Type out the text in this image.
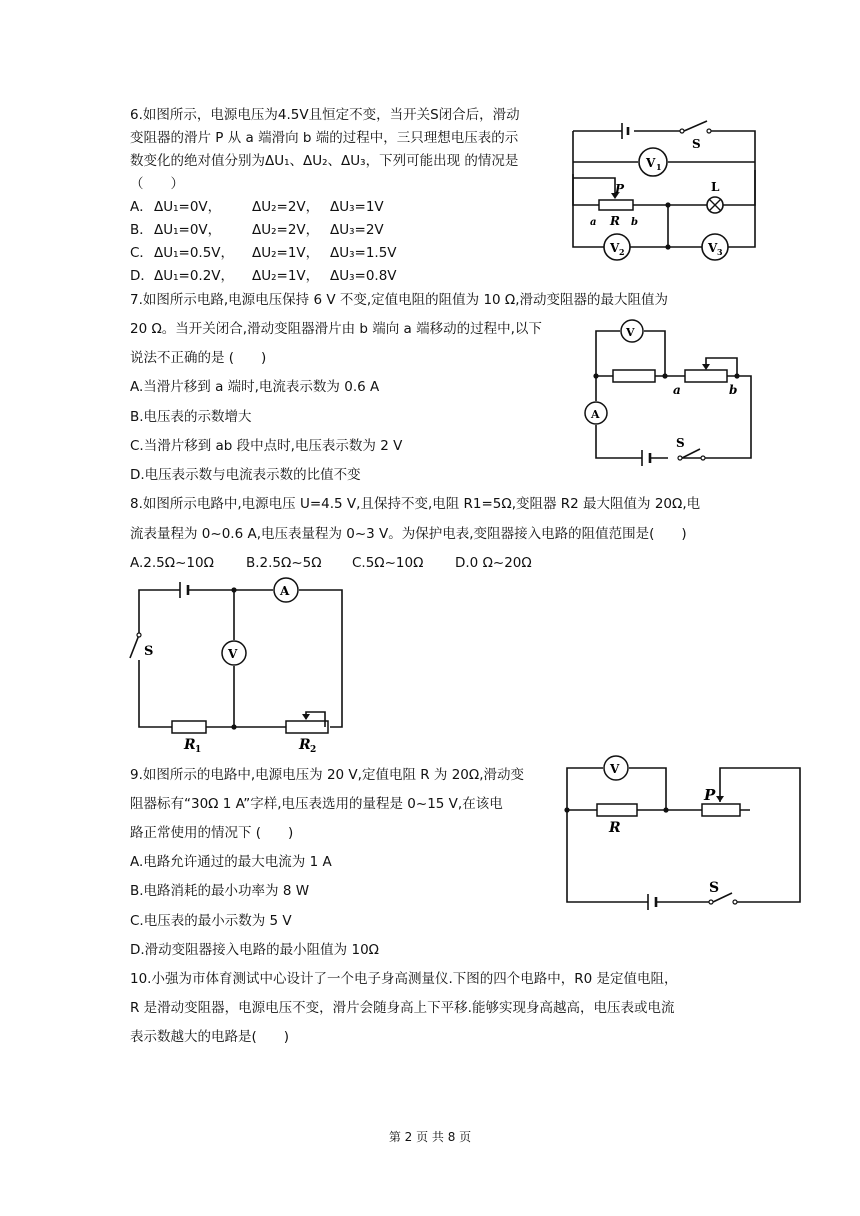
6.如图所示，电源电压为4.5V且恒定不变，当开关S闭合后，滑动
变阻器的滑片 P 从 a 端滑向 b 端的过程中，三只理想电压表的示
数变化的绝对值分别为ΔU₁、ΔU₂、ΔU₃，下列可能出现 的情况是
（　　）
A．ΔU₁=0V， ΔU₂=2V， ΔU₃=1V
B．ΔU₁=0V， ΔU₂=2V， ΔU₃=2V
C．ΔU₁=0.5V， ΔU₂=1V， ΔU₃=1.5V
D．ΔU₁=0.2V， ΔU₂=1V， ΔU₃=0.8V
S
V 1
P
a R b
L
V 2	V 3
7.如图所示电路,电源电压保持 6 V 不变,定值电阻的阻值为 10 Ω,滑动变阻器的最大阻值为
20 Ω。当开关闭合,滑动变阻器滑片由 b 端向 a 端移动的过程中,以下
说法不正确的是 (　　)
A.当滑片移到 a 端时,电流表示数为 0.6 A
B.电压表的示数增大
C.当滑片移到 ab 段中点时,电压表示数为 2 V
D.电压表示数与电流表示数的比值不变
V
a	b
A
S
8.如图所示电路中,电源电压 U=4.5 V,且保持不变,电阻 R1=5Ω,变阻器 R2 最大阻值为 20Ω,电
流表量程为 0~0.6 A,电压表量程为 0~3 V。为保护电表,变阻器接入电路的阻值范围是(　　)
A.2.5Ω~10Ω B.2.5Ω~5Ω C.5Ω~10Ω D.0 Ω~20Ω
A
S	V
R 1	R 2
9.如图所示的电路中,电源电压为 20 V,定值电阻 R 为 20Ω,滑动变
阻器标有“30Ω 1 A”字样,电压表选用的量程是 0~15 V,在该电
路正常使用的情况下 (　　)
A.电路允许通过的最大电流为 1 A
B.电路消耗的最小功率为 8 W
C.电压表的最小示数为 5 V
D.滑动变阻器接入电路的最小阻值为 10Ω
V
P
R
S
10.小强为市体育测试中心设计了一个电子身高测量仪.下图的四个电路中，R0 是定值电阻，
R 是滑动变阻器，电源电压不变，滑片会随身高上下平移.能够实现身高越高，电压表或电流
表示数越大的电路是(　　)
第 2 页 共 8 页
